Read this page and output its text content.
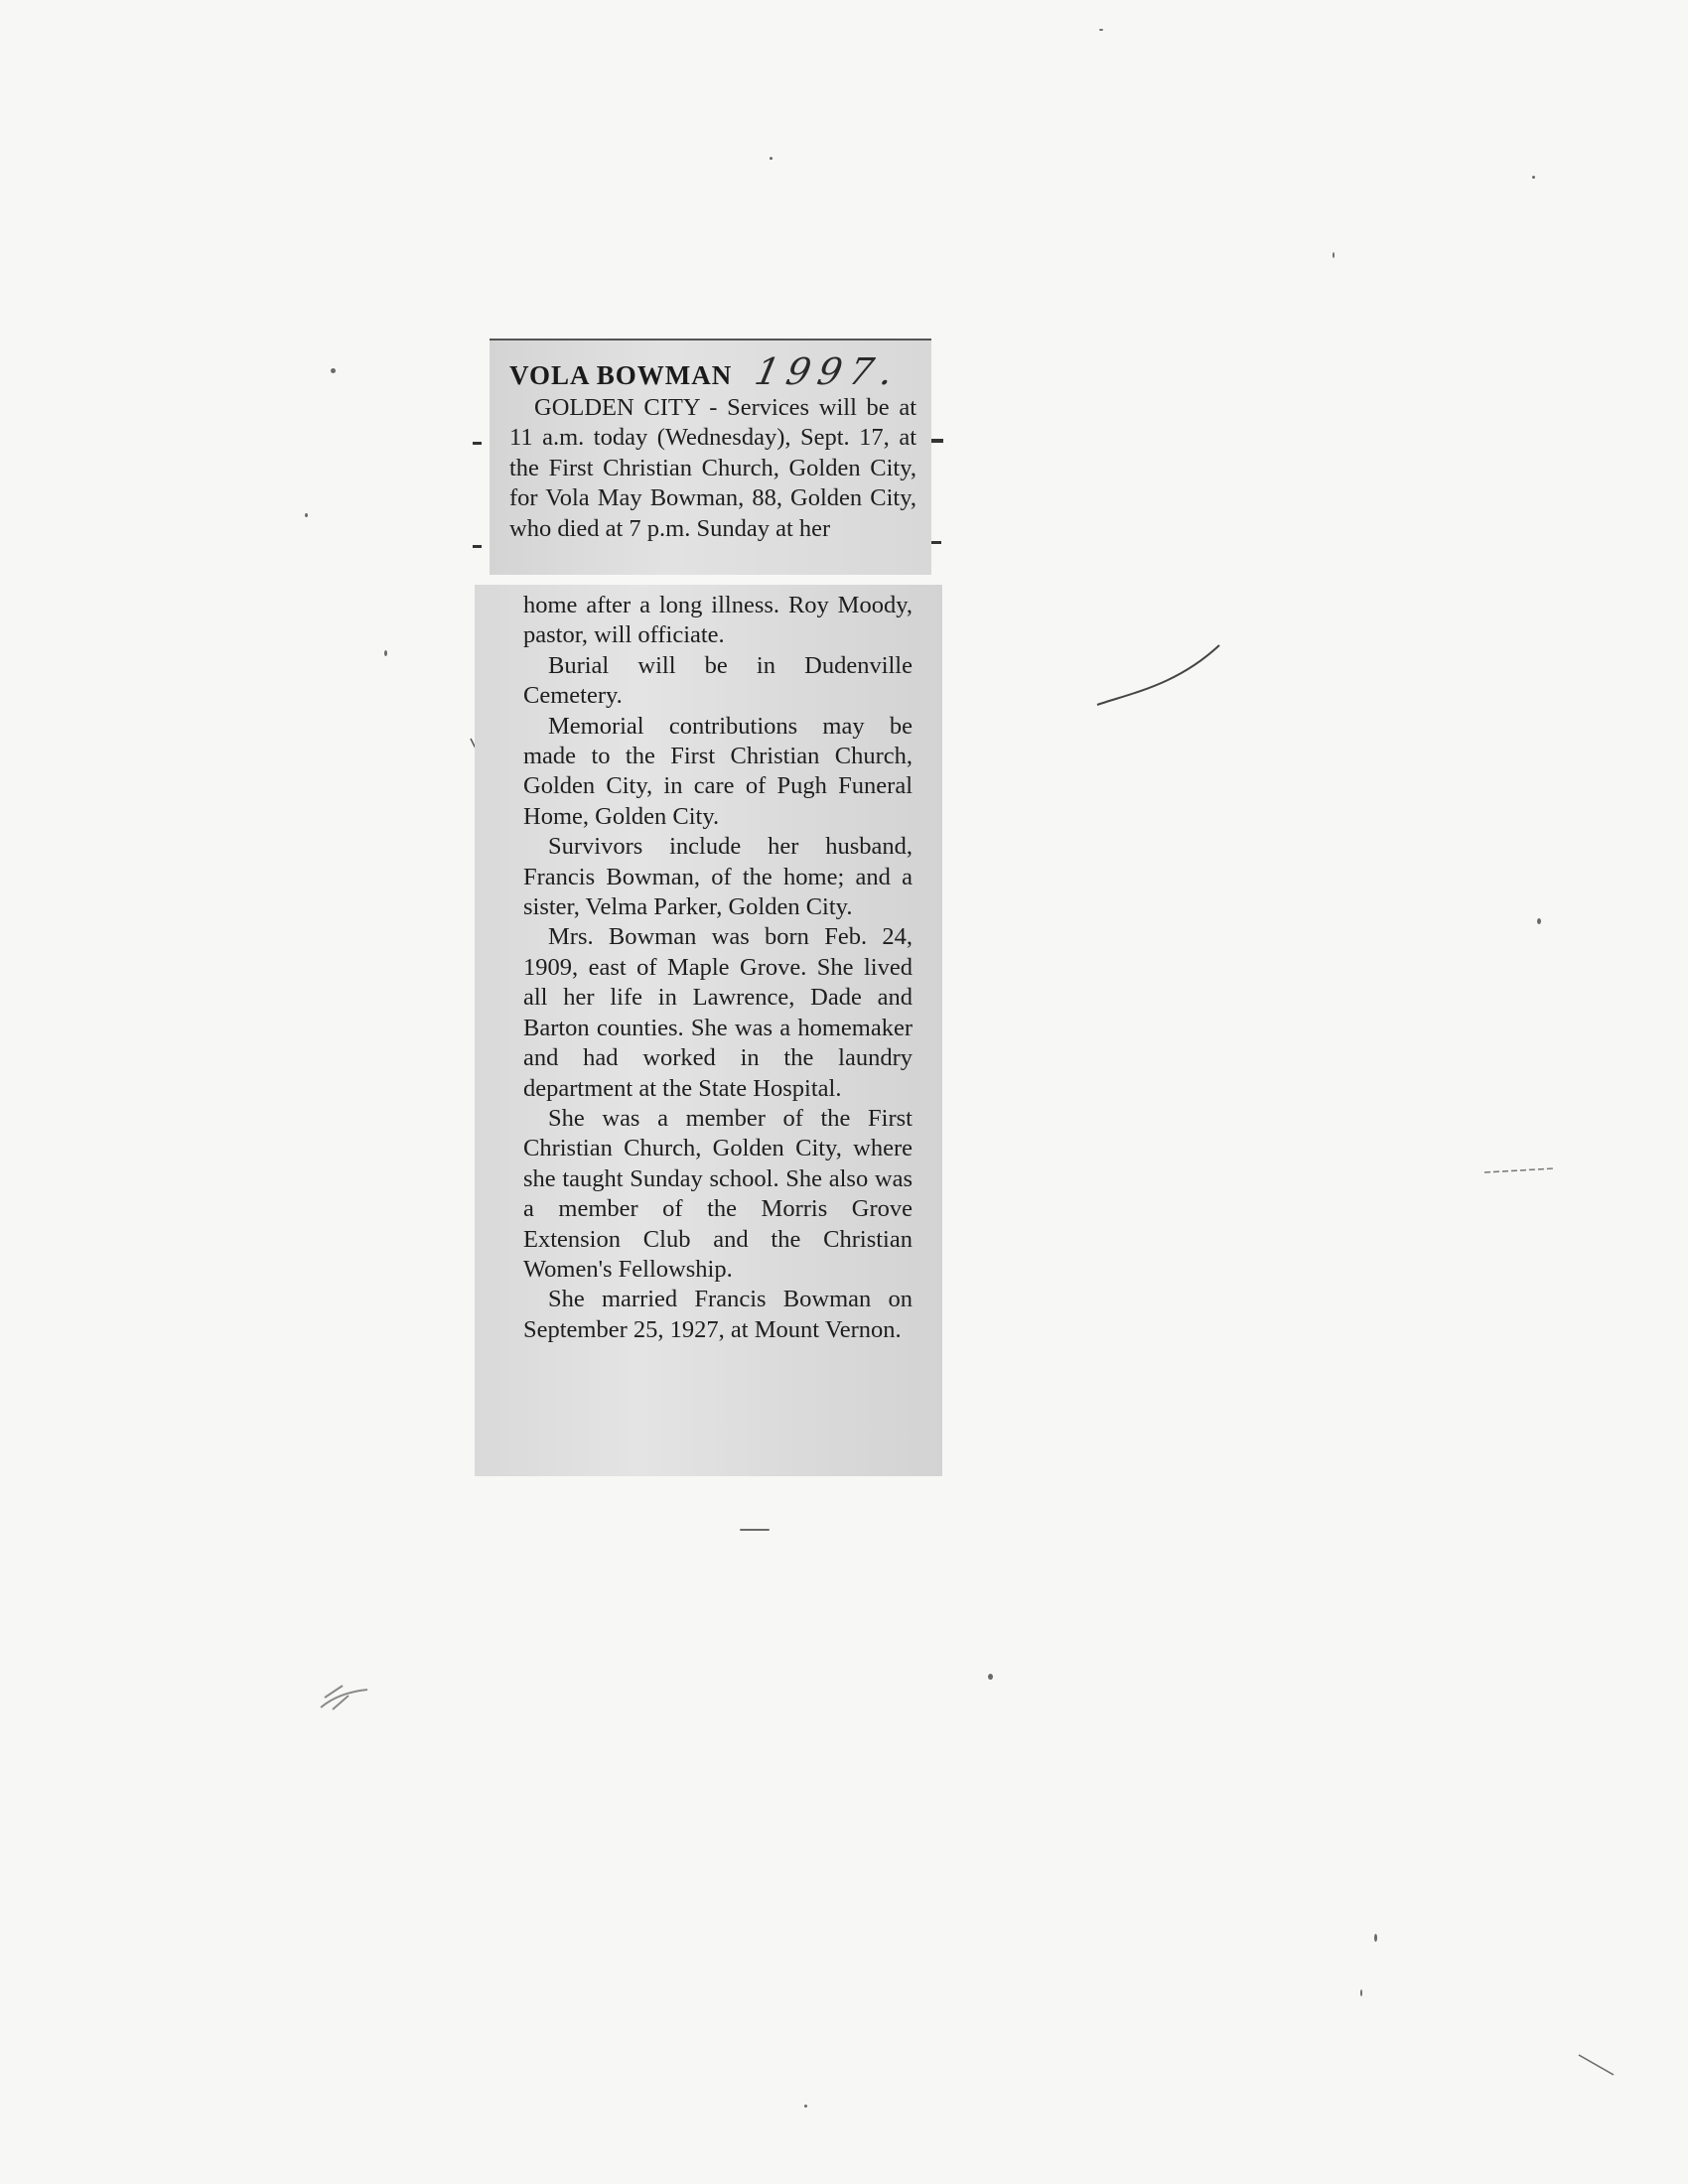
VOLA BOWMAN 1997.

GOLDEN CITY - Services will be at 11 a.m. today (Wednesday), Sept. 17, at the First Christian Church, Golden City, for Vola May Bowman, 88, Golden City, who died at 7 p.m. Sunday at her

home after a long illness. Roy Moody, pastor, will officiate.

Burial will be in Dudenville Cemetery.

Memorial contributions may be made to the First Christian Church, Golden City, in care of Pugh Funeral Home, Golden City.

Survivors include her husband, Francis Bowman, of the home; and a sister, Velma Parker, Golden City.

Mrs. Bowman was born Feb. 24, 1909, east of Maple Grove. She lived all her life in Lawrence, Dade and Barton counties. She was a homemaker and had worked in the laundry department at the State Hospital.

She was a member of the First Christian Church, Golden City, where she taught Sunday school. She also was a member of the Morris Grove Extension Club and the Christian Women's Fellowship.

She married Francis Bowman on September 25, 1927, at Mount Vernon.
